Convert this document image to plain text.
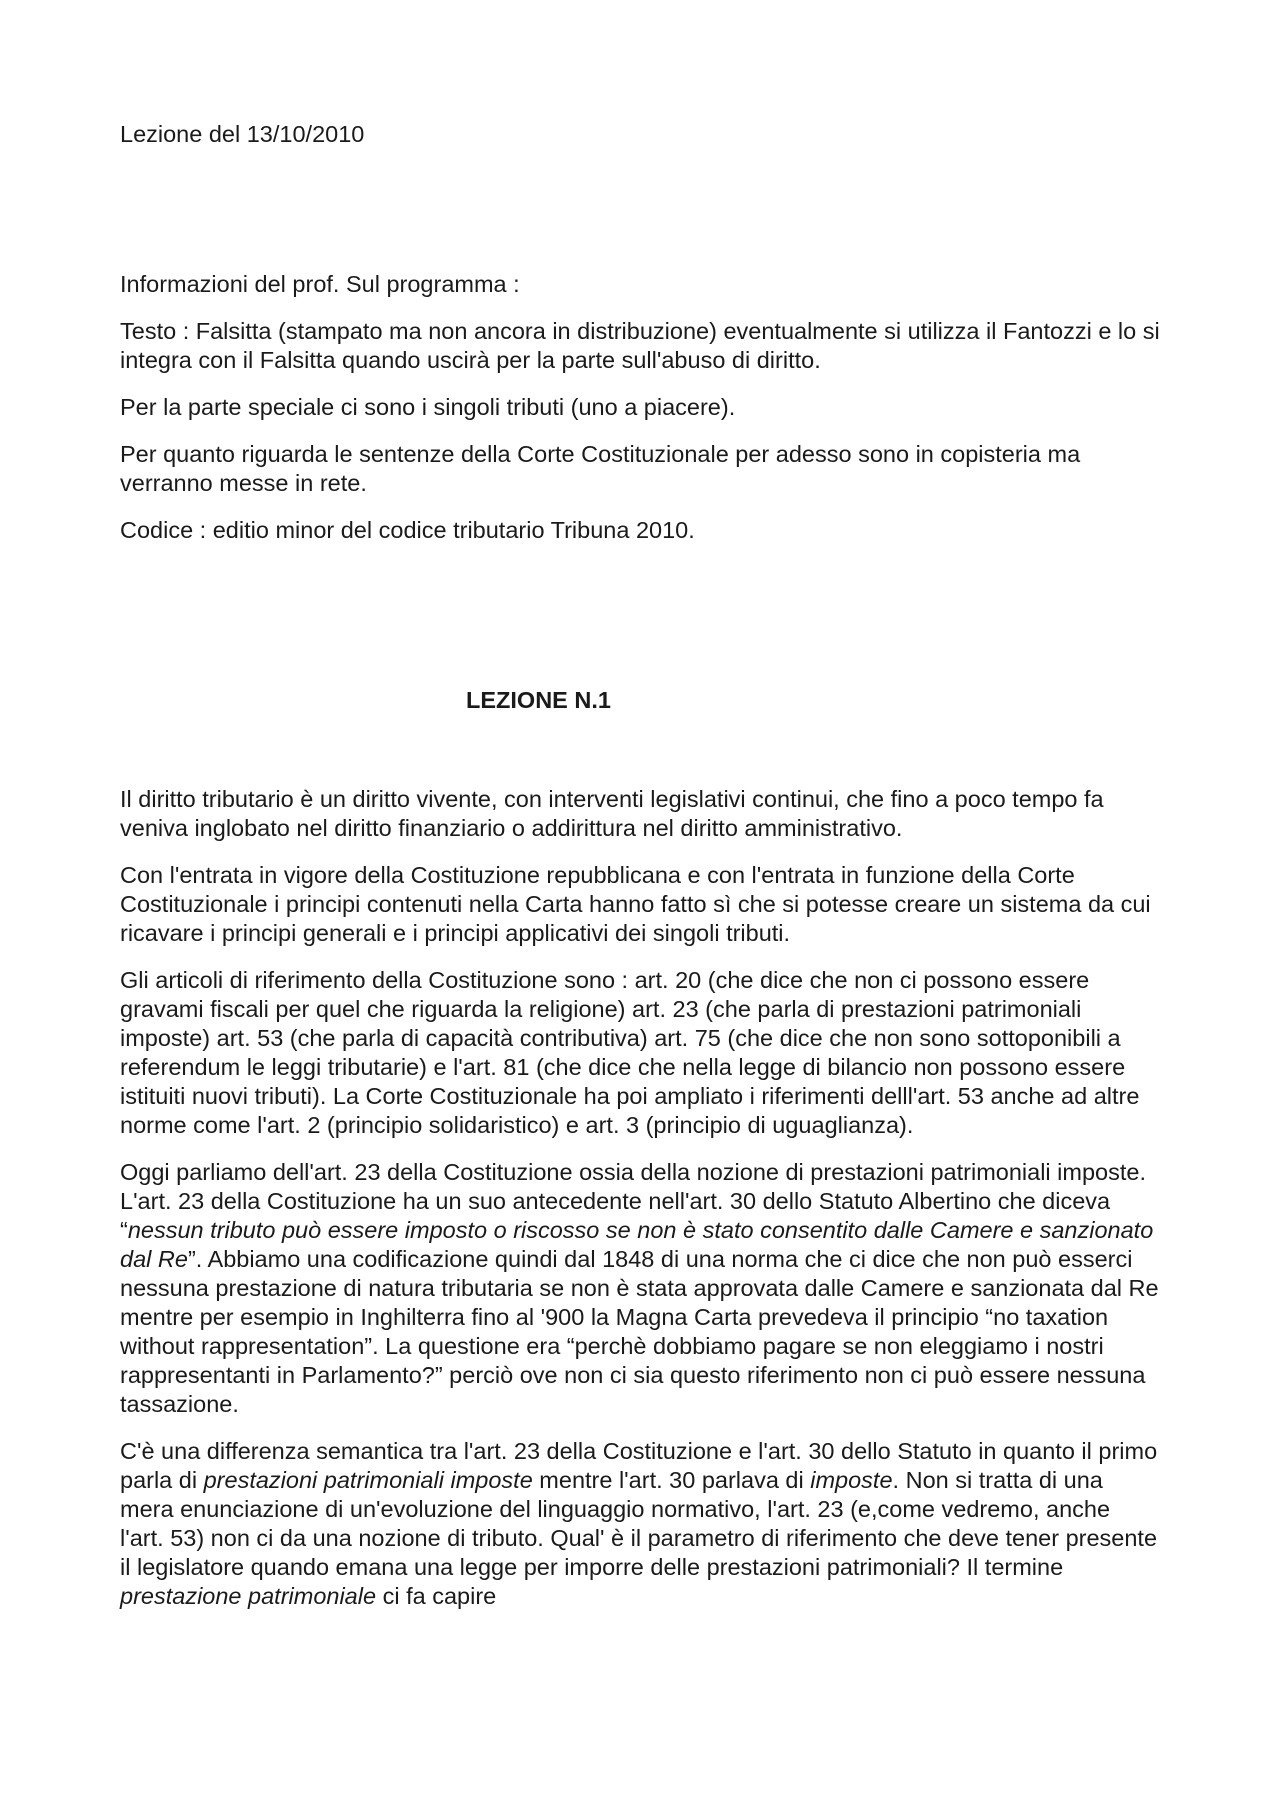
Lezione del 13/10/2010

Informazioni del prof. Sul programma :

Testo : Falsitta (stampato ma non ancora in distribuzione) eventualmente si utilizza il Fantozzi e lo si integra con il Falsitta quando uscirà per la parte sull'abuso di diritto.

Per la parte speciale ci sono i singoli tributi (uno a piacere).

Per quanto riguarda le sentenze della Corte Costituzionale per adesso sono in copisteria ma verranno messe in rete.

Codice : editio minor del codice tributario Tribuna 2010.

LEZIONE N.1

Il diritto tributario è un diritto vivente, con interventi legislativi continui, che fino a poco tempo fa veniva inglobato nel diritto finanziario o addirittura nel diritto amministrativo.

Con l'entrata in vigore della Costituzione repubblicana e con l'entrata in funzione della Corte Costituzionale i principi contenuti nella Carta hanno fatto sì che si potesse creare un sistema da cui ricavare i principi generali e i principi applicativi dei singoli tributi.

Gli articoli di riferimento della Costituzione sono : art. 20 (che dice che non ci possono essere gravami fiscali per quel che riguarda la religione) art. 23 (che parla di prestazioni patrimoniali imposte) art. 53 (che parla di capacità contributiva) art. 75 (che dice che non sono sottoponibili a referendum le leggi tributarie) e l'art. 81 (che dice che nella legge di bilancio non possono essere istituiti nuovi tributi). La Corte Costituzionale ha poi ampliato i riferimenti delll'art. 53 anche ad altre norme come l'art. 2 (principio solidaristico) e art. 3 (principio di uguaglianza).

Oggi parliamo dell'art. 23 della Costituzione ossia della nozione di prestazioni patrimoniali imposte. L'art. 23 della Costituzione ha un suo antecedente nell'art. 30 dello Statuto Albertino che diceva “nessun tributo può essere imposto o riscosso se non è stato consentito dalle Camere e sanzionato dal Re”. Abbiamo una codificazione quindi dal 1848 di una norma che ci dice che non può esserci nessuna prestazione di natura tributaria se non è stata approvata dalle Camere e sanzionata dal Re mentre per esempio in Inghilterra fino al '900 la Magna Carta prevedeva il principio “no taxation without rappresentation”. La questione era “perchè dobbiamo pagare se non eleggiamo i nostri rappresentanti in Parlamento?” perciò ove non ci sia questo riferimento non ci può essere nessuna tassazione.

C'è una differenza semantica tra l'art. 23 della Costituzione e l'art. 30 dello Statuto in quanto il primo parla di prestazioni patrimoniali imposte mentre l'art. 30 parlava di imposte. Non si tratta di una mera enunciazione di un'evoluzione del linguaggio normativo, l'art. 23 (e,come vedremo, anche l'art. 53) non ci da una nozione di tributo. Qual' è il parametro di riferimento che deve tener presente il legislatore quando emana una legge per imporre delle prestazioni patrimoniali? Il termine prestazione patrimoniale ci fa capire
